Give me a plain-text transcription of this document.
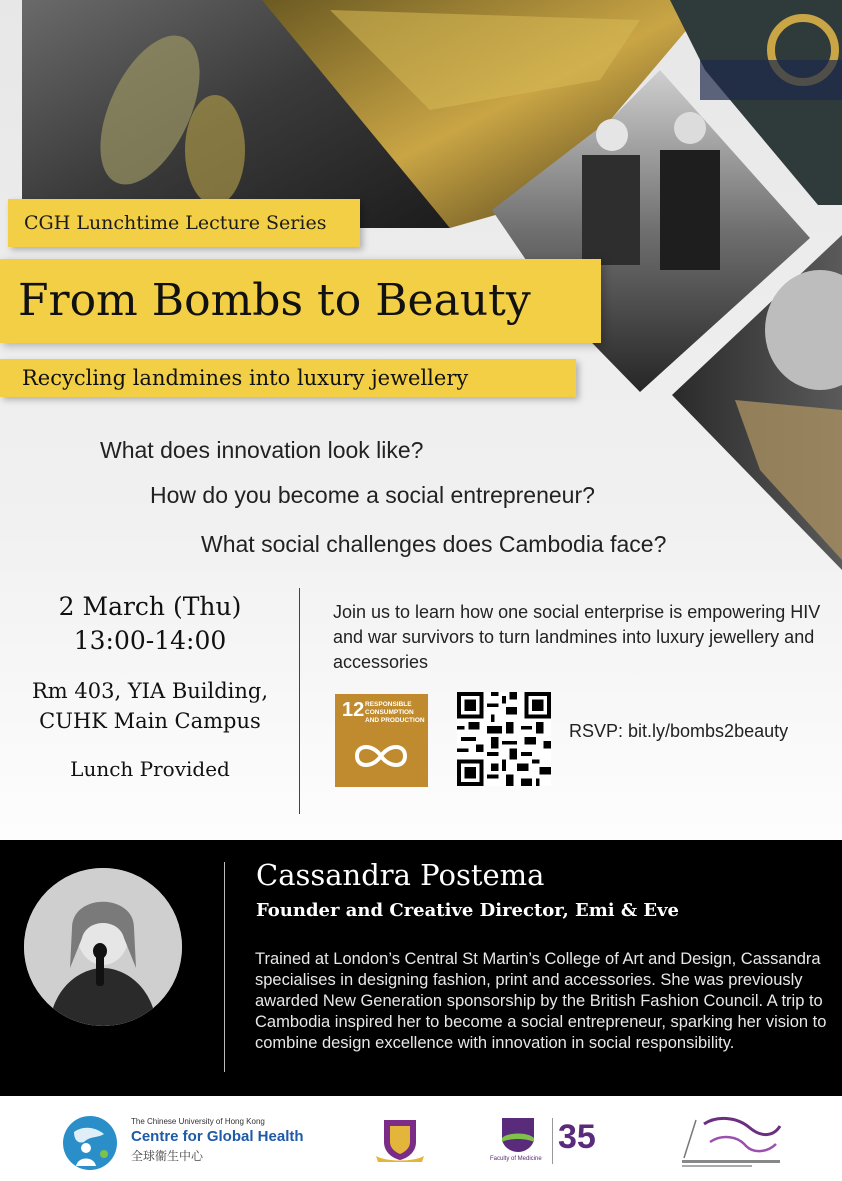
CGH Lunchtime Lecture Series
From Bombs to Beauty
Recycling landmines into luxury jewellery
What does innovation look like?
How do you become a social entrepreneur?
What social challenges does Cambodia face?
2 March (Thu)
13:00-14:00
Rm 403, YIA Building,
CUHK Main Campus
Lunch Provided
Join us to learn how one social enterprise is empowering HIV and war survivors to turn landmines into luxury jewellery and accessories
12 RESPONSIBLE
CONSUMPTION
AND PRODUCTION
RSVP: bit.ly/bombs2beauty
Cassandra Postema
Founder and Creative Director, Emi & Eve
Trained at London’s Central St Martin’s College of Art and Design, Cassandra specialises in designing fashion, print and accessories. She was previously awarded New Generation sponsorship by the British Fashion Council. A trip to Cambodia inspired her to become a social entrepreneur, sparking her vision to combine design excellence with innovation in social responsibility.
The Chinese University of Hong Kong
Centre for Global Health
全球衞生中心	Faculty of Medicine
35
